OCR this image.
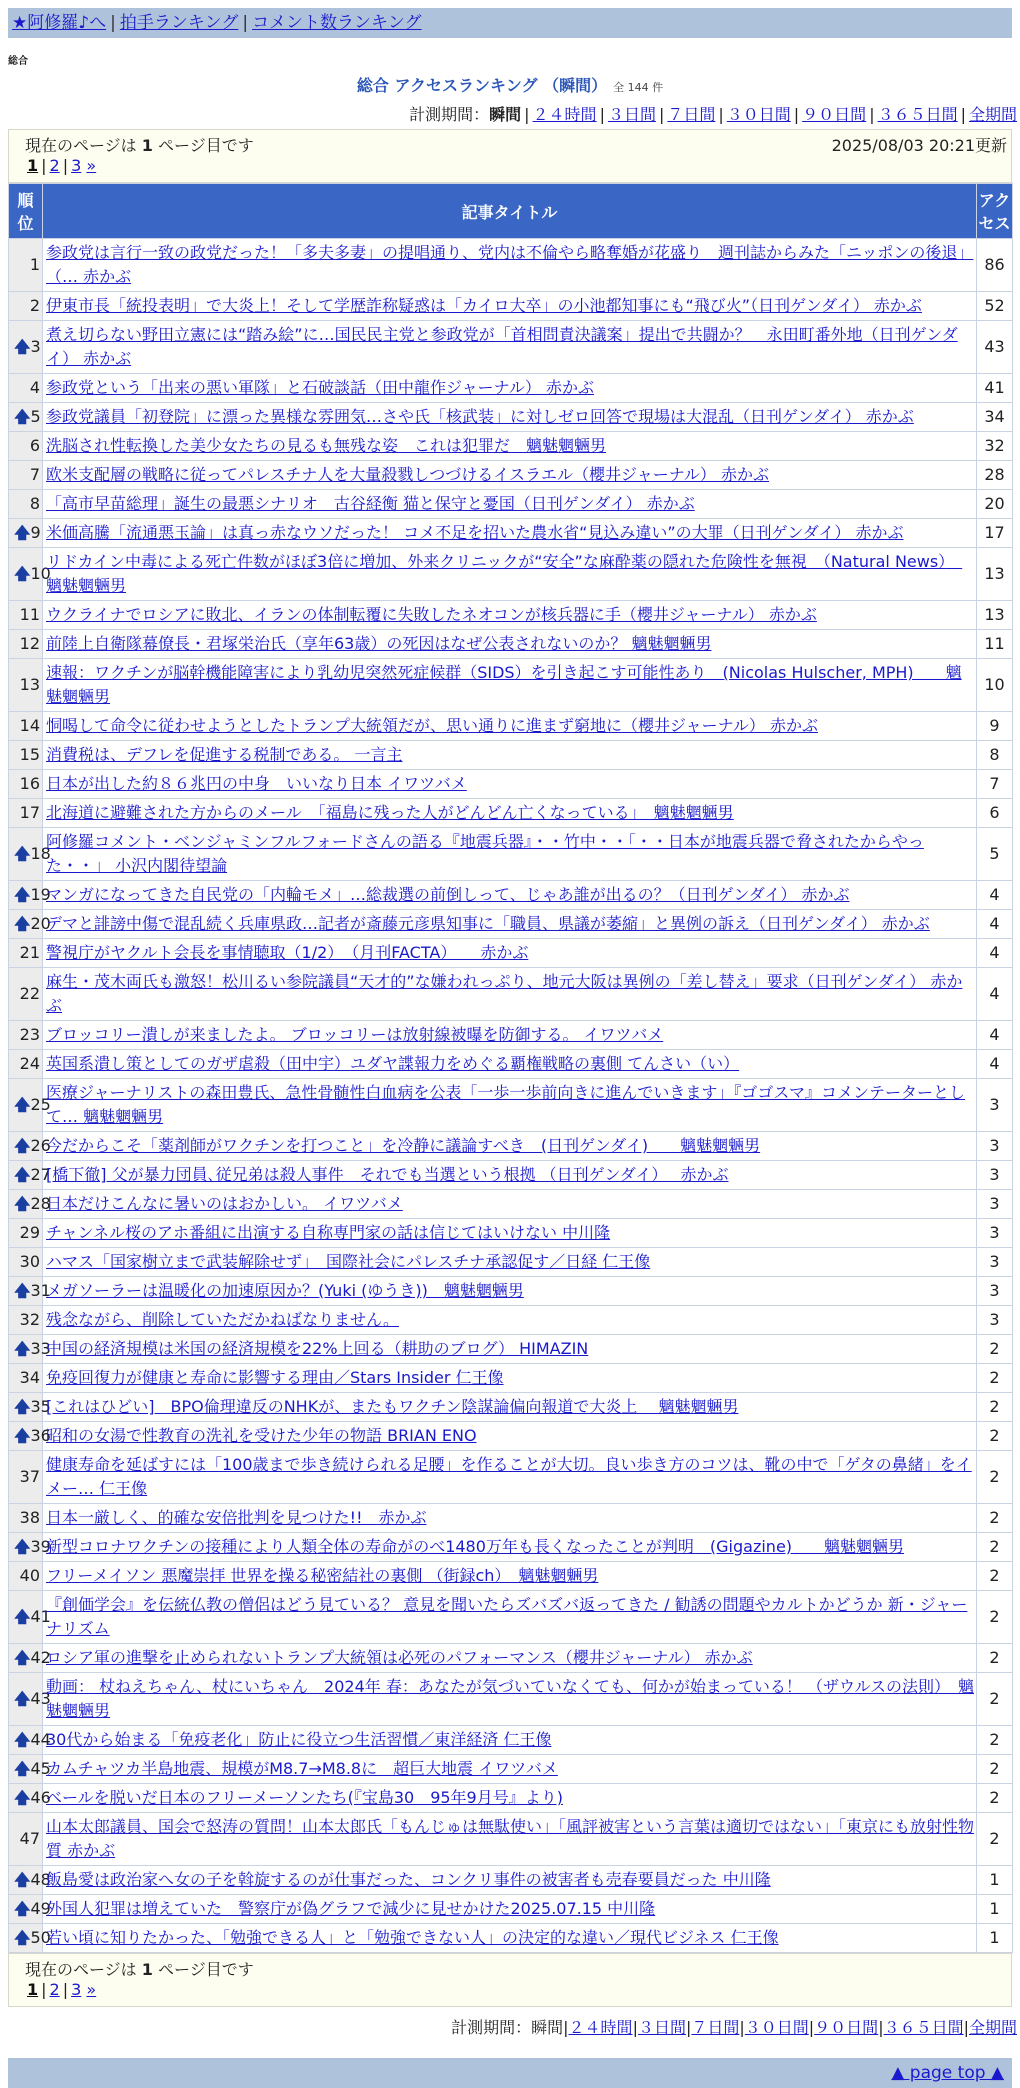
★阿修羅♪へ | 拍手ランキング | コメント数ランキング
総合
総合 アクセスランキング （瞬間） 全 144 件
計測期間：瞬間 | ２４時間 | ３日間 | ７日間 | ３０日間 | ９０日間 | ３６５日間 | 全期間
現在のページは 1 ページ目です	2025/08/03 20:21更新
1 | 2 | 3 »
順位	記事タイトル	アクセス
1	参政党は言行一致の政党だった！「多夫多妻」の提唱通り、党内は不倫やら略奪婚が花盛り　週刊誌からみた「ニッポンの後退」（… 赤かぶ	86
2	伊東市長「統投表明」で大炎上！そして学歴詐称疑惑は「カイロ大卒」の小池都知事にも“飛び火”（日刊ゲンダイ） 赤かぶ	52

🡅 3	煮え切らない野田立憲には“踏み絵”に…国民民主党と参政党が「首相問責決議案」提出で共闘か？　永田町番外地（日刊ゲンダイ） 赤かぶ	43
4	参政党という「出来の悪い軍隊」と石破談話（田中龍作ジャーナル） 赤かぶ	41

🡅 5	参政党議員「初登院」に漂った異様な雰囲気…さや氏「核武装」に対しゼロ回答で現場は大混乱（日刊ゲンダイ） 赤かぶ	34
6	洗脳され性転換した美少女たちの見るも無残な姿　これは犯罪だ　魑魅魍魎男	32
7	欧米支配層の戦略に従ってパレスチナ人を大量殺戮しつづけるイスラエル（櫻井ジャーナル） 赤かぶ	28
8	「高市早苗総理」誕生の最悪シナリオ　古谷経衡 猫と保守と憂国（日刊ゲンダイ） 赤かぶ	20

🡅 9	米価高騰「流通悪玉論」は真っ赤なウソだった！ コメ不足を招いた農水省“見込み違い”の大罪（日刊ゲンダイ） 赤かぶ	17

🡅 10	リドカイン中毒による死亡件数がほぼ3倍に増加、外来クリニックが“安全”な麻酔薬の隠れた危険性を無視　（Natural News）　魑魅魍魎男	13
11	ウクライナでロシアに敗北、イランの体制転覆に失敗したネオコンが核兵器に手（櫻井ジャーナル） 赤かぶ	13
12	前陸上自衛隊幕僚長・君塚栄治氏（享年63歳）の死因はなぜ公表されないのか？ 魑魅魍魎男	11
13	速報：ワクチンが脳幹機能障害により乳幼児突然死症候群（SIDS）を引き起こす可能性あり　(Nicolas Hulscher, MPH)　　魑魅魍魎男	10
14	恫喝して命令に従わせようとしたトランプ大統領だが、思い通りに進まず窮地に（櫻井ジャーナル） 赤かぶ	9
15	消費税は、デフレを促進する税制である。 一言主	8
16	日本が出した約８６兆円の中身　いいなり日本 イワツバメ	7
17	北海道に避難された方からのメール　「福島に残った人がどんどん亡くなっている」　魑魅魍魎男	6

🡅 18	阿修羅コメント・ベンジャミンフルフォードさんの語る『地震兵器』・・竹中・・「・・日本が地震兵器で脅されたからやった・・」 小沢内閣待望論	5

🡅 19	マンガになってきた自民党の「内輪モメ」…総裁選の前倒しって、じゃあ誰が出るの？（日刊ゲンダイ） 赤かぶ	4

🡅 20	デマと誹謗中傷で混乱続く兵庫県政…記者が斎藤元彦県知事に「職員、県議が萎縮」と異例の訴え（日刊ゲンダイ） 赤かぶ	4
21	警視庁がヤクルト会長を事情聴取（1/2）　（月刊FACTA）　　赤かぶ	4
22	麻生・茂木両氏も激怒！松川るい参院議員“天才的”な嫌われっぷり、地元大阪は異例の「差し替え」要求（日刊ゲンダイ） 赤かぶ	4
23	ブロッコリー潰しが来ましたよ。 ブロッコリーは放射線被曝を防御する。 イワツバメ	4
24	英国系潰し策としてのガザ虐殺（田中宇）ユダヤ諜報力をめぐる覇権戦略の裏側 てんさい（い）	4

🡅 25	医療ジャーナリストの森田豊氏、急性骨髄性白血病を公表「一歩一歩前向きに進んでいきます」『ゴゴスマ』コメンテーターとして… 魑魅魍魎男	3

🡅 26	今だからこそ「薬剤師がワクチンを打つこと」を冷静に議論すべき　(日刊ゲンダイ)　　魑魅魍魎男	3

🡅 27	[橋下徹] 父が暴力団員､従兄弟は殺人事件　それでも当選という根拠 （日刊ゲンダイ）　 赤かぶ	3

🡅 28	日本だけこんなに暑いのはおかしい。 イワツバメ	3
29	チャンネル桜のアホ番組に出演する自称専門家の話は信じてはいけない 中川隆	3
30	ハマス「国家樹立まで武装解除せず」　国際社会にパレスチナ承認促す／日経 仁王像	3

🡅 31	メガソーラーは温暖化の加速原因か？(Yuki (ゆうき))　魑魅魍魎男	3
32	残念ながら、削除していただかねばなりません。	3

🡅 33	中国の経済規模は米国の経済規模を22%上回る（耕助のブログ） HIMAZIN	2
34	免疫回復力が健康と寿命に影響する理由／Stars Insider 仁王像	2

🡅 35	[これはひどい]　BPO倫理違反のNHKが、またもワクチン陰謀論偏向報道で大炎上　 魑魅魍魎男	2

🡅 36	昭和の女湯で性教育の洗礼を受けた少年の物語 BRIAN ENO	2
37	健康寿命を延ばすには「100歳まで歩き続けられる足腰」を作ることが大切。良い歩き方のコツは、靴の中で「ゲタの鼻緒」をイメー… 仁王像	2
38	日本一厳しく、的確な安倍批判を見つけた!!　赤かぶ	2

🡅 39	新型コロナワクチンの接種により人類全体の寿命がのべ1480万年も長くなったことが判明　(Gigazine)　　魑魅魍魎男	2
40	フリーメイソン 悪魔崇拝 世界を操る秘密結社の裏側 （街録ch）　魑魅魍魎男	2

🡅 41	『創価学会』を伝統仏教の僧侶はどう見ている？ 意見を聞いたらズバズバ返ってきた / 勧誘の問題やカルトかどうか 新・ジャーナリズム	2

🡅 42	ロシア軍の進撃を止められないトランプ大統領は必死のパフォーマンス（櫻井ジャーナル） 赤かぶ	2

🡅 43	動画： 杖ねえちゃん、杖にいちゃん　2024年 春：あなたが気づいていなくても、何かが始まっている！ （ザウルスの法則）　魑魅魍魎男	2

🡅 44	30代から始まる「免疫老化」防止に役立つ生活習慣／東洋経済 仁王像	2

🡅 45	カムチャツカ半島地震、規模がM8.7→M8.8に　超巨大地震 イワツバメ	2

🡅 46	ベールを脱いだ日本のフリーメーソンたち(『宝島30　95年9月号』より)	2
47	山本太郎議員、国会で怒涛の質問！山本太郎氏「もんじゅは無駄使い」「風評被害という言葉は適切ではない」「東京にも放射性物質 赤かぶ	2

🡅 48	飯島愛は政治家へ女の子を斡旋するのが仕事だった、コンクリ事件の被害者も売春要員だった 中川隆	1

🡅 49	外国人犯罪は増えていた　警察庁が偽グラフで減少に見せかけた2025.07.15 中川隆	1

🡅 50	若い頃に知りたかった、「勉強できる人」と「勉強できない人」の決定的な違い／現代ビジネス 仁王像	1
現在のページは 1 ページ目です
1 | 2 | 3 »
計測期間：瞬間|２４時間|３日間|７日間|３０日間|９０日間|３６５日間|全期間
▲ page top ▲
